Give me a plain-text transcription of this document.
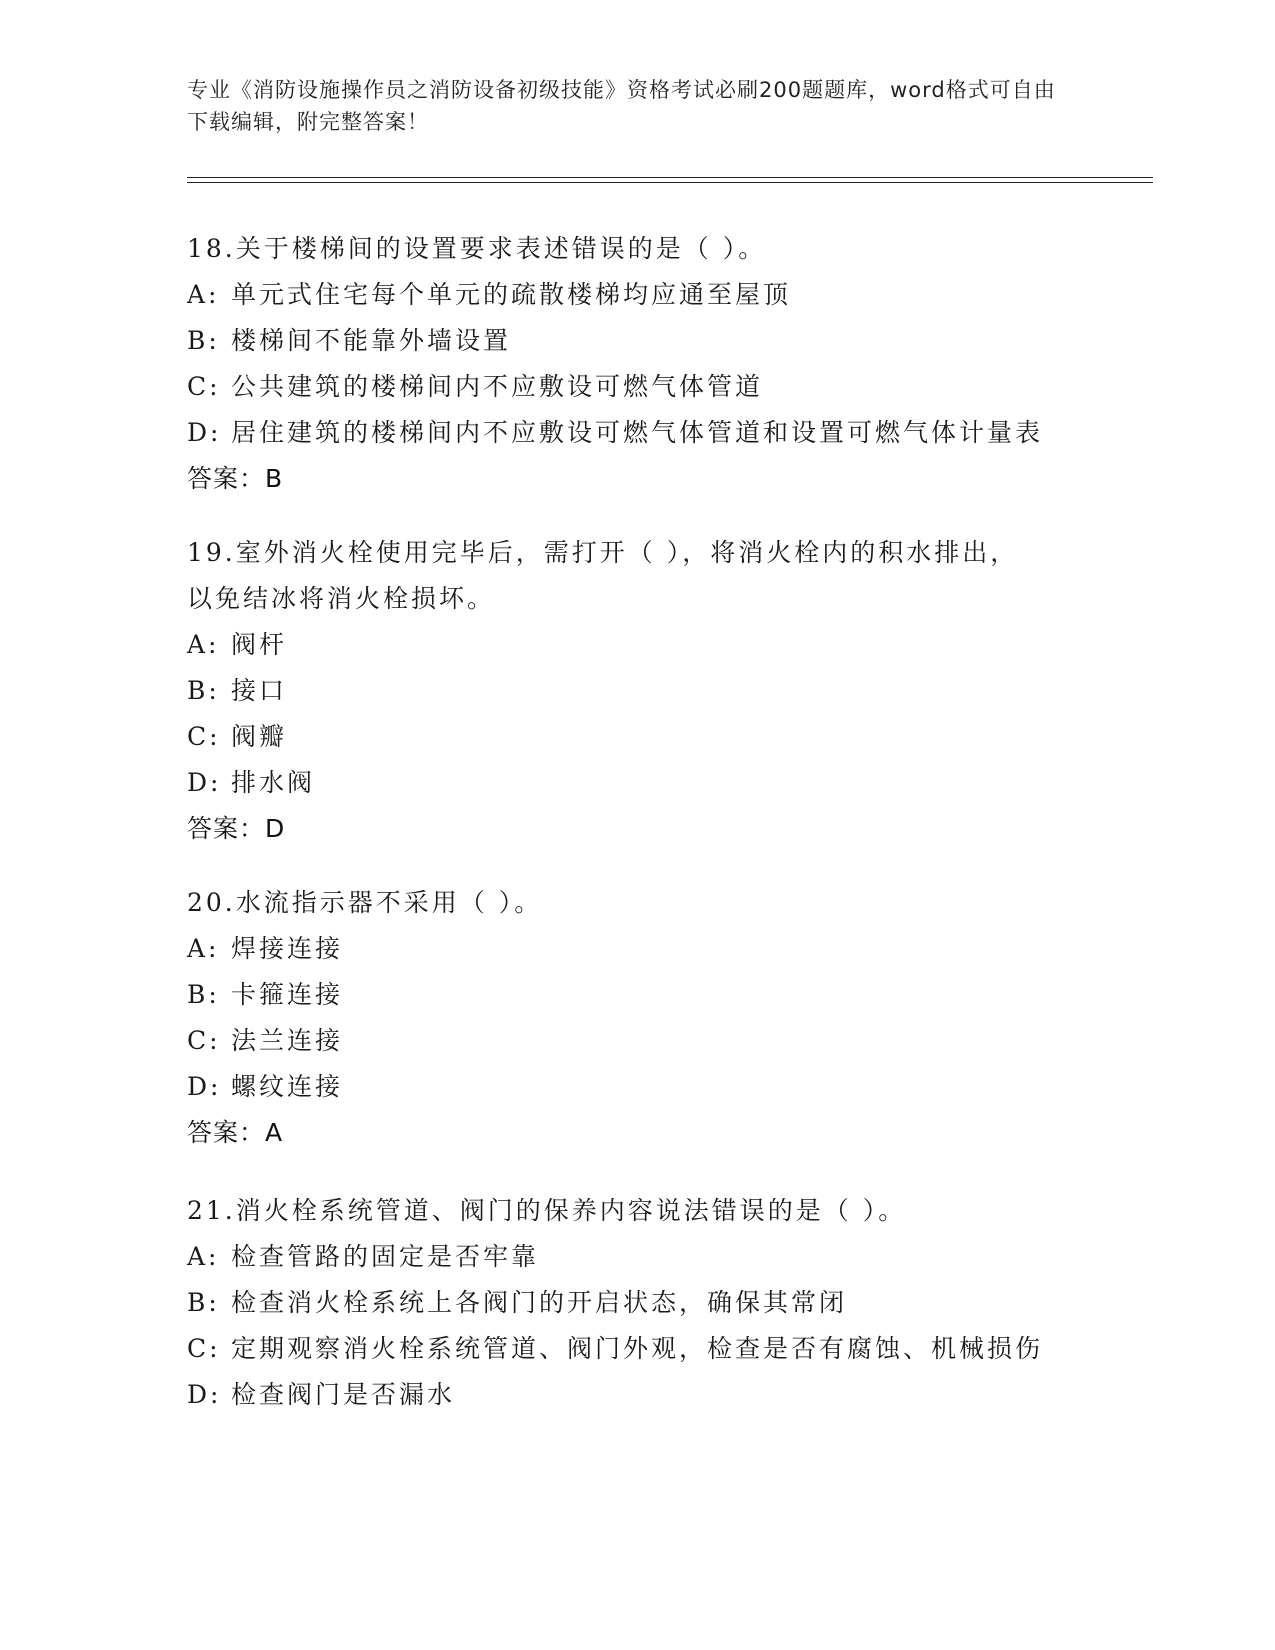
专业《消防设施操作员之消防设备初级技能》资格考试必刷200题题库，word格式可自由下载编辑，附完整答案！
18.关于楼梯间的设置要求表述错误的是（ ）。
A: 单元式住宅每个单元的疏散楼梯均应通至屋顶
B: 楼梯间不能靠外墙设置
C: 公共建筑的楼梯间内不应敷设可燃气体管道
D: 居住建筑的楼梯间内不应敷设可燃气体管道和设置可燃气体计量表
答案：B
19.室外消火栓使用完毕后，需打开（ ），将消火栓内的积水排出，以免结冰将消火栓损坏。
A: 阀杆
B: 接口
C: 阀瓣
D: 排水阀
答案：D
20.水流指示器不采用（ ）。
A: 焊接连接
B: 卡箍连接
C: 法兰连接
D: 螺纹连接
答案：A
21.消火栓系统管道、阀门的保养内容说法错误的是（ ）。
A: 检查管路的固定是否牢靠
B: 检查消火栓系统上各阀门的开启状态，确保其常闭
C: 定期观察消火栓系统管道、阀门外观，检查是否有腐蚀、机械损伤
D: 检查阀门是否漏水
